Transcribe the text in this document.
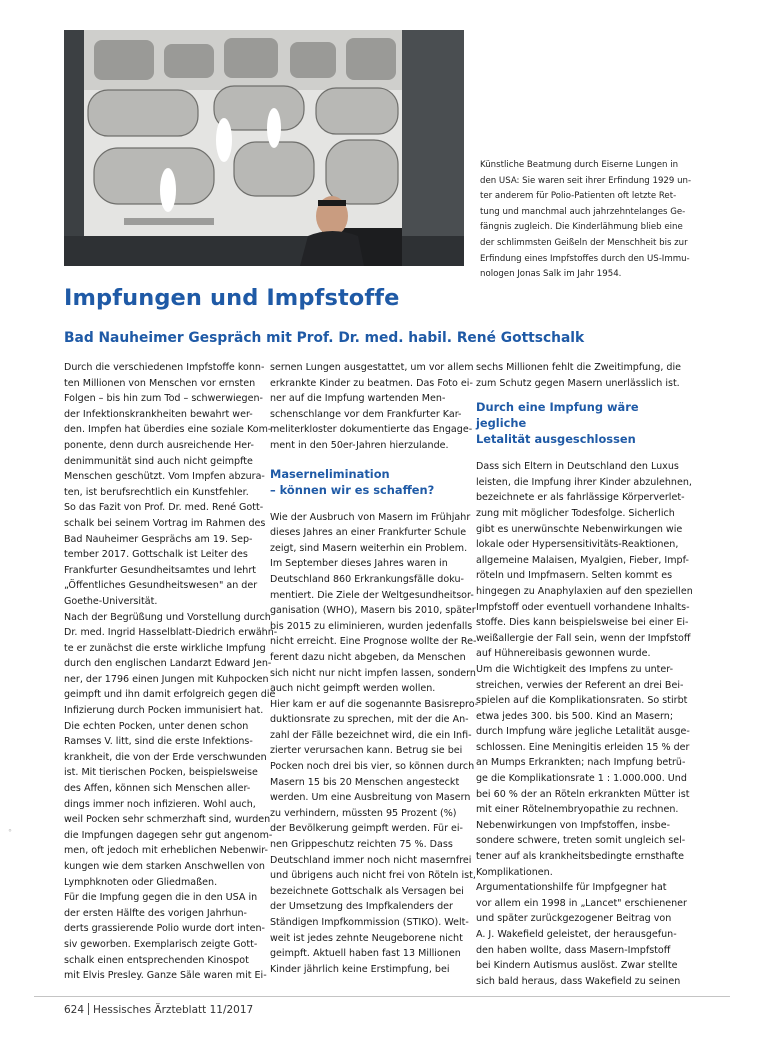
Künstliche Beatmung durch Eiserne Lungen in
den USA: Sie waren seit ihrer Erfindung 1929 un-
ter anderem für Polio-Patienten oft letzte Ret-
tung und manchmal auch jahrzehntelanges Ge-
fängnis zugleich. Die Kinderlähmung blieb eine
der schlimmsten Geißeln der Menschheit bis zur
Erfindung eines Impfstoffes durch den US-Immu-
nologen Jonas Salk im Jahr 1954.
Impfungen und Impfstoffe
Bad Nauheimer Gespräch mit Prof. Dr. med. habil. René Gottschalk
Durch die verschiedenen Impfstoffe konn-
ten Millionen von Menschen vor ernsten
Folgen – bis hin zum Tod – schwerwiegen-
der Infektionskrankheiten bewahrt wer-
den. Impfen hat überdies eine soziale Kom-
ponente, denn durch ausreichende Her-
denimmunität sind auch nicht geimpfte
Menschen geschützt. Vom Impfen abzura-
ten, ist berufsrechtlich ein Kunstfehler.
So das Fazit von Prof. Dr. med. René Gott-
schalk bei seinem Vortrag im Rahmen des
Bad Nauheimer Gesprächs am 19. Sep-
tember 2017. Gottschalk ist Leiter des
Frankfurter Gesundheitsamtes und lehrt
„Öffentliches Gesundheitswesen" an der
Goethe-Universität.
Nach der Begrüßung und Vorstellung durch
Dr. med. Ingrid Hasselblatt-Diedrich erwähn-
te er zunächst die erste wirkliche Impfung
durch den englischen Landarzt Edward Jen-
ner, der 1796 einen Jungen mit Kuhpocken
geimpft und ihn damit erfolgreich gegen die
Infizierung durch Pocken immunisiert hat.
Die echten Pocken, unter denen schon
Ramses V. litt, sind die erste Infektions-
krankheit, die von der Erde verschwunden
ist. Mit tierischen Pocken, beispielsweise
des Affen, können sich Menschen aller-
dings immer noch infizieren. Wohl auch,
weil Pocken sehr schmerzhaft sind, wurden
die Impfungen dagegen sehr gut angenom-
men, oft jedoch mit erheblichen Nebenwir-
kungen wie dem starken Anschwellen von
Lymphknoten oder Gliedmaßen.
Für die Impfung gegen die in den USA in
der ersten Hälfte des vorigen Jahrhun-
derts grassierende Polio wurde dort inten-
siv geworben. Exemplarisch zeigte Gott-
schalk einen entsprechenden Kinospot
mit Elvis Presley. Ganze Säle waren mit Ei-
sernen Lungen ausgestattet, um vor allem
erkrankte Kinder zu beatmen. Das Foto ei-
ner auf die Impfung wartenden Men-
schenschlange vor dem Frankfurter Kar-
meliterkloster dokumentierte das Engage-
ment in den 50er-Jahren hierzulande.
Masernelimination
– können wir es schaffen?
Wie der Ausbruch von Masern im Frühjahr
dieses Jahres an einer Frankfurter Schule
zeigt, sind Masern weiterhin ein Problem.
Im September dieses Jahres waren in
Deutschland 860 Erkrankungsfälle doku-
mentiert. Die Ziele der Weltgesundheitsor-
ganisation (WHO), Masern bis 2010, später
bis 2015 zu eliminieren, wurden jedenfalls
nicht erreicht. Eine Prognose wollte der Re-
ferent dazu nicht abgeben, da Menschen
sich nicht nur nicht impfen lassen, sondern
auch nicht geimpft werden wollen.
Hier kam er auf die sogenannte Basisrepro-
duktionsrate zu sprechen, mit der die An-
zahl der Fälle bezeichnet wird, die ein Infi-
zierter verursachen kann. Betrug sie bei
Pocken noch drei bis vier, so können durch
Masern 15 bis 20 Menschen angesteckt
werden. Um eine Ausbreitung von Masern
zu verhindern, müssten 95 Prozent (%)
der Bevölkerung geimpft werden. Für ei-
nen Grippeschutz reichten 75 %. Dass
Deutschland immer noch nicht masernfrei
und übrigens auch nicht frei von Röteln ist,
bezeichnete Gottschalk als Versagen bei
der Umsetzung des Impfkalenders der
Ständigen Impfkommission (STIKO). Welt-
weit ist jedes zehnte Neugeborene nicht
geimpft. Aktuell haben fast 13 Millionen
Kinder jährlich keine Erstimpfung, bei
sechs Millionen fehlt die Zweitimpfung, die
zum Schutz gegen Masern unerlässlich ist.
Durch eine Impfung wäre jegliche
Letalität ausgeschlossen
Dass sich Eltern in Deutschland den Luxus
leisten, die Impfung ihrer Kinder abzulehnen,
bezeichnete er als fahrlässige Körperverlet-
zung mit möglicher Todesfolge. Sicherlich
gibt es unerwünschte Nebenwirkungen wie
lokale oder Hypersensitivitäts-Reaktionen,
allgemeine Malaisen, Myalgien, Fieber, Impf-
röteln und Impfmasern. Selten kommt es
hingegen zu Anaphylaxien auf den speziellen
Impfstoff oder eventuell vorhandene Inhalts-
stoffe. Dies kann beispielsweise bei einer Ei-
weißallergie der Fall sein, wenn der Impfstoff
auf Hühnereibasis gewonnen wurde.
Um die Wichtigkeit des Impfens zu unter-
streichen, verwies der Referent an drei Bei-
spielen auf die Komplikationsraten. So stirbt
etwa jedes 300. bis 500. Kind an Masern;
durch Impfung wäre jegliche Letalität ausge-
schlossen. Eine Meningitis erleiden 15 % der
an Mumps Erkrankten; nach Impfung betrü-
ge die Komplikationsrate 1 : 1.000.000. Und
bei 60 % der an Röteln erkrankten Mütter ist
mit einer Rötelnembryopathie zu rechnen.
Nebenwirkungen von Impfstoffen, insbe-
sondere schwere, treten somit ungleich sel-
tener auf als krankheitsbedingte ernsthafte
Komplikationen.
Argumentationshilfe für Impfgegner hat
vor allem ein 1998 in „Lancet" erschienener
und später zurückgezogener Beitrag von
A. J. Wakefield geleistet, der herausgefun-
den haben wollte, dass Masern-Impfstoff
bei Kindern Autismus auslöst. Zwar stellte
sich bald heraus, dass Wakefield zu seinen
°
624 Hessisches Ärzteblatt 11/2017
